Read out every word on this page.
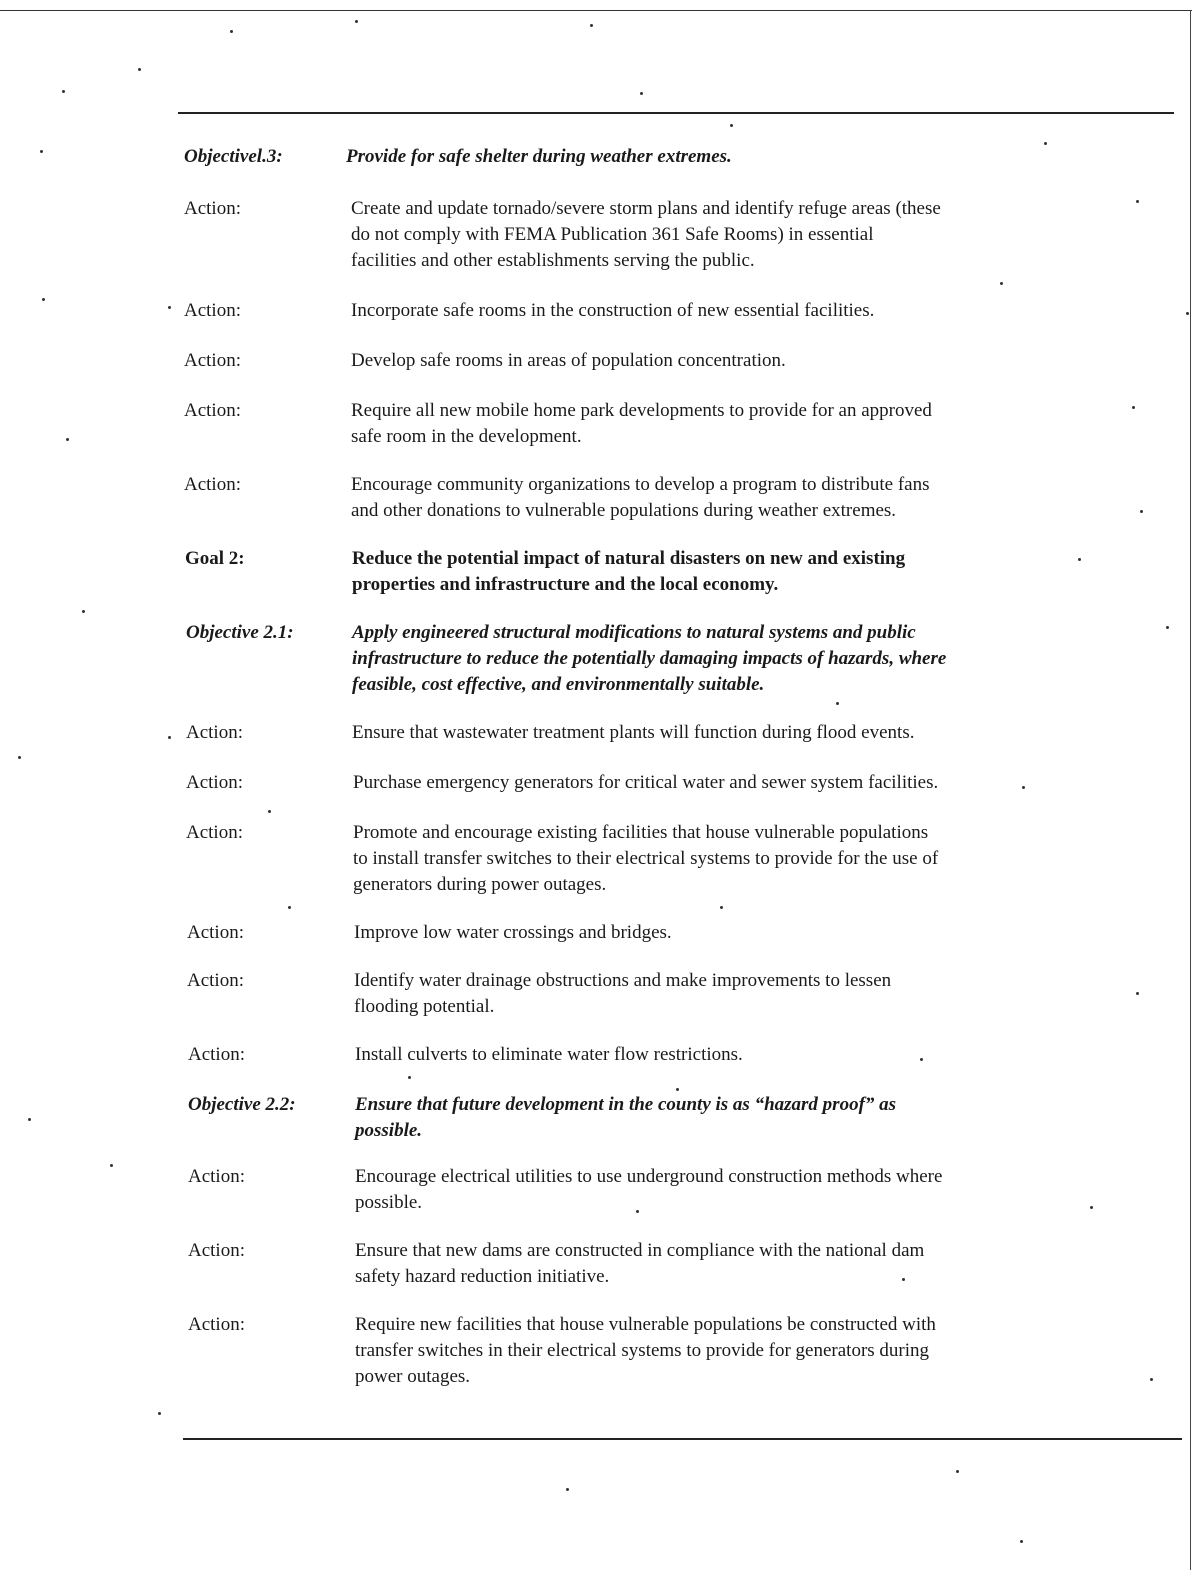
Objectivel.3:	Provide for safe shelter during weather extremes.
Action:	Create and update tornado/severe storm plans and identify refuge areas (these
do not comply with FEMA Publication 361 Safe Rooms) in essential
facilities and other establishments serving the public.
Action:	Incorporate safe rooms in the construction of new essential facilities.
Action:	Develop safe rooms in areas of population concentration.
Action:	Require all new mobile home park developments to provide for an approved
safe room in the development.
Action:	Encourage community organizations to develop a program to distribute fans
and other donations to vulnerable populations during weather extremes.
Goal 2:	Reduce the potential impact of natural disasters on new and existing
properties and infrastructure and the local economy.
Objective 2.1:	Apply engineered structural modifications to natural systems and public
infrastructure to reduce the potentially damaging impacts of hazards, where
feasible, cost effective, and environmentally suitable.
Action:	Ensure that wastewater treatment plants will function during flood events.
Action:	Purchase emergency generators for critical water and sewer system facilities.
Action:	Promote and encourage existing facilities that house vulnerable populations
to install transfer switches to their electrical systems to provide for the use of
generators during power outages.
Action:	Improve low water crossings and bridges.
Action:	Identify water drainage obstructions and make improvements to lessen
flooding potential.
Action:	Install culverts to eliminate water flow restrictions.
Objective 2.2:	Ensure that future development in the county is as “hazard proof” as
possible.
Action:	Encourage electrical utilities to use underground construction methods where
possible.
Action:	Ensure that new dams are constructed in compliance with the national dam
safety hazard reduction initiative.
Action:	Require new facilities that house vulnerable populations be constructed with
transfer switches in their electrical systems to provide for generators during
power outages.
